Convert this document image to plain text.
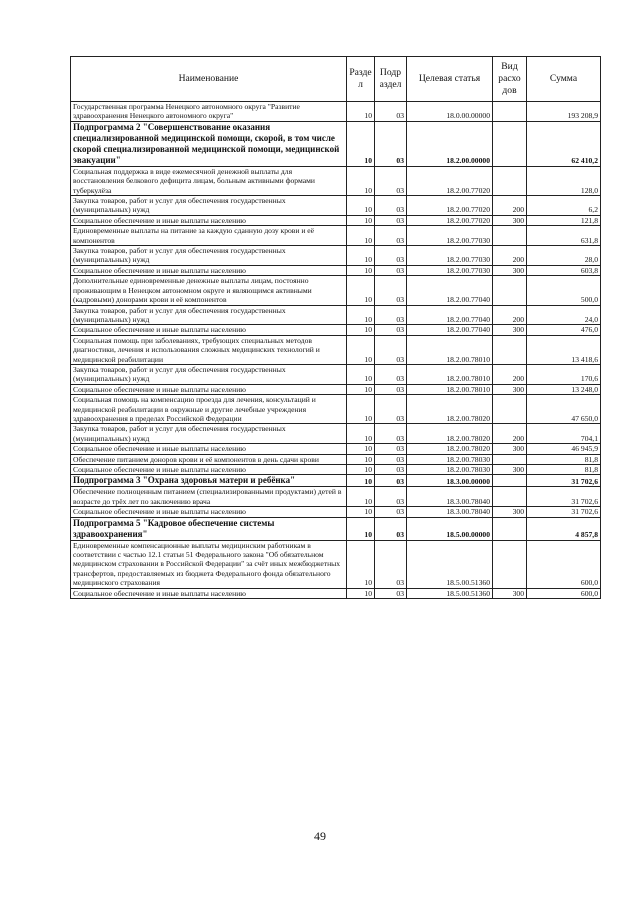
Наименование	Разде л	Подр аздел	Целевая статья	Вид расхо дов	Сумма
Государственная программа Ненецкого автономного округа "Развитие здравоохранения Ненецкого автономного округа"	10	03	18.0.00.00000		193 208,9
Подпрограмма 2 "Совершенствование оказания специализированной медицинской помощи, скорой, в том числе скорой специализированной медицинской помощи, медицинской эвакуации"	10	03	18.2.00.00000		62 410,2
Социальная поддержка в виде ежемесячной денежной выплаты для восстановления белкового дефицита лицам, больным активными формами туберкулёза	10	03	18.2.00.77020		128,0
Закупка товаров, работ и услуг для обеспечения государственных (муниципальных) нужд	10	03	18.2.00.77020	200	6,2
Социальное обеспечение и иные выплаты населению	10	03	18.2.00.77020	300	121,8
Единовременные выплаты на питание за каждую сданную дозу крови и её компонентов	10	03	18.2.00.77030		631,8
Закупка товаров, работ и услуг для обеспечения государственных (муниципальных) нужд	10	03	18.2.00.77030	200	28,0
Социальное обеспечение и иные выплаты населению	10	03	18.2.00.77030	300	603,8
Дополнительные единовременные денежные выплаты лицам, постоянно проживающим в Ненецком автономном округе и являющимся активными (кадровыми) донорами крови и её компонентов	10	03	18.2.00.77040		500,0
Закупка товаров, работ и услуг для обеспечения государственных (муниципальных) нужд	10	03	18.2.00.77040	200	24,0
Социальное обеспечение и иные выплаты населению	10	03	18.2.00.77040	300	476,0
Социальная помощь при заболеваниях, требующих специальных методов диагностики, лечения и использования сложных медицинских технологий и медицинской реабилитации	10	03	18.2.00.78010		13 418,6
Закупка товаров, работ и услуг для обеспечения государственных (муниципальных) нужд	10	03	18.2.00.78010	200	170,6
Социальное обеспечение и иные выплаты населению	10	03	18.2.00.78010	300	13 248,0
Социальная помощь на компенсацию проезда для лечения, консультаций и медицинской реабилитации в окружные и другие лечебные учреждения здравоохранения в пределах Российской Федерации	10	03	18.2.00.78020		47 650,0
Закупка товаров, работ и услуг для обеспечения государственных (муниципальных) нужд	10	03	18.2.00.78020	200	704,1
Социальное обеспечение и иные выплаты населению	10	03	18.2.00.78020	300	46 945,9
Обеспечение питанием доноров крови и её компонентов в день сдачи крови	10	03	18.2.00.78030		81,8
Социальное обеспечение и иные выплаты населению	10	03	18.2.00.78030	300	81,8
Подпрограмма 3 "Охрана здоровья матери и ребёнка"	10	03	18.3.00.00000		31 702,6
Обеспечение полноценным питанием (специализированными продуктами) детей в возрасте до трёх лет по заключению врача	10	03	18.3.00.78040		31 702,6
Социальное обеспечение и иные выплаты населению	10	03	18.3.00.78040	300	31 702,6
Подпрограмма 5 "Кадровое обеспечение системы здравоохранения"	10	03	18.5.00.00000		4 857,8
Единовременные компенсационные выплаты медицинским работникам в соответствии с частью 12.1 статьи 51 Федерального закона "Об обязательном медицинском страховании в Российской Федерации" за счёт иных межбюджетных трансфертов, предоставляемых из бюджета Федерального фонда обязательного медицинского страхования	10	03	18.5.00.51360		600,0
Социальное обеспечение и иные выплаты населению	10	03	18.5.00.51360	300	600,0
49
